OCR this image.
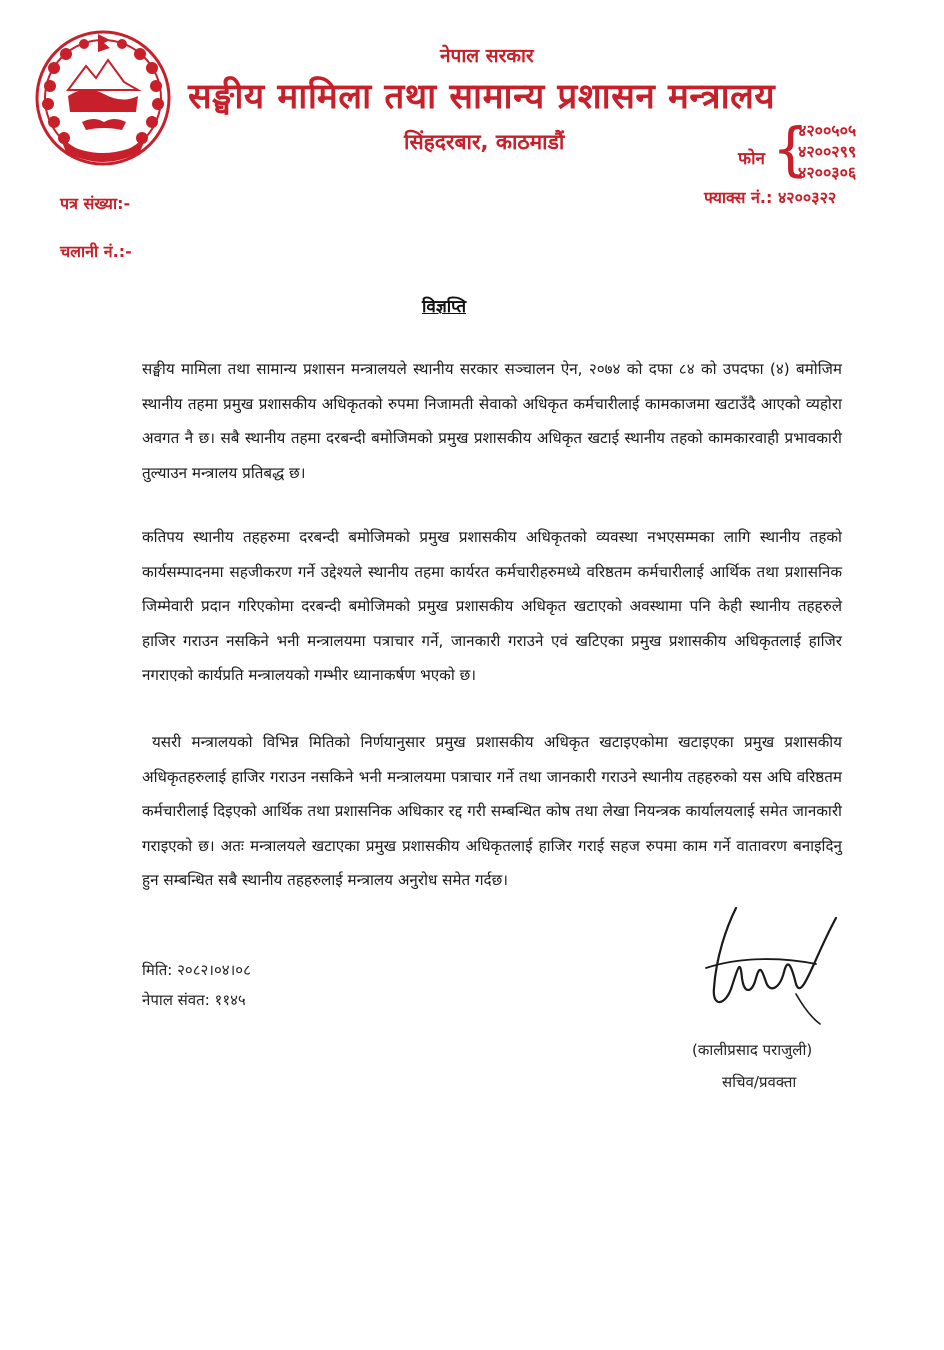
नेपाल सरकार
सङ्घीय मामिला तथा सामान्य प्रशासन मन्त्रालय
सिंहदरबार, काठमाडौं
फोन {
४२००५०५
४२००२९९
४२००३०६
फ्याक्स नं.: ४२००३२२
पत्र संख्या:-
चलानी नं.:-
विज्ञप्ति

सङ्घीय मामिला तथा सामान्य प्रशासन मन्त्रालयले स्थानीय सरकार सञ्चालन ऐन, २०७४ को दफा ८४ को उपदफा (४) बमोजिम स्थानीय तहमा प्रमुख प्रशासकीय अधिकृतको रुपमा निजामती सेवाको अधिकृत कर्मचारीलाई कामकाजमा खटाउँदै आएको व्यहोरा अवगत नै छ। सबै स्थानीय तहमा दरबन्दी बमोजिमको प्रमुख प्रशासकीय अधिकृत खटाई स्थानीय तहको कामकारवाही प्रभावकारी तुल्याउन मन्त्रालय प्रतिबद्ध छ।

कतिपय स्थानीय तहहरुमा दरबन्दी बमोजिमको प्रमुख प्रशासकीय अधिकृतको व्यवस्था नभएसम्मका लागि स्थानीय तहको कार्यसम्पादनमा सहजीकरण गर्ने उद्देश्यले स्थानीय तहमा कार्यरत कर्मचारीहरुमध्ये वरिष्ठतम कर्मचारीलाई आर्थिक तथा प्रशासनिक जिम्मेवारी प्रदान गरिएकोमा दरबन्दी बमोजिमको प्रमुख प्रशासकीय अधिकृत खटाएको अवस्थामा पनि केही स्थानीय तहहरुले हाजिर गराउन नसकिने भनी मन्त्रालयमा पत्राचार गर्ने, जानकारी गराउने एवं खटिएका प्रमुख प्रशासकीय अधिकृतलाई हाजिर नगराएको कार्यप्रति मन्त्रालयको गम्भीर ध्यानाकर्षण भएको छ।

यसरी मन्त्रालयको विभिन्न मितिको निर्णयानुसार प्रमुख प्रशासकीय अधिकृत खटाइएकोमा खटाइएका प्रमुख प्रशासकीय अधिकृतहरुलाई हाजिर गराउन नसकिने भनी मन्त्रालयमा पत्राचार गर्ने तथा जानकारी गराउने स्थानीय तहहरुको यस अघि वरिष्ठतम कर्मचारीलाई दिइएको आर्थिक तथा प्रशासनिक अधिकार रद्द गरी सम्बन्धित कोष तथा लेखा नियन्त्रक कार्यालयलाई समेत जानकारी गराइएको छ। अतः मन्त्रालयले खटाएका प्रमुख प्रशासकीय अधिकृतलाई हाजिर गराई सहज रुपमा काम गर्ने वातावरण बनाइदिनु हुन सम्बन्धित सबै स्थानीय तहहरुलाई मन्त्रालय अनुरोध समेत गर्दछ।

मिति: २०८२।०४।०८
नेपाल संवत: ११४५
(कालीप्रसाद पराजुली)
सचिव/प्रवक्ता
